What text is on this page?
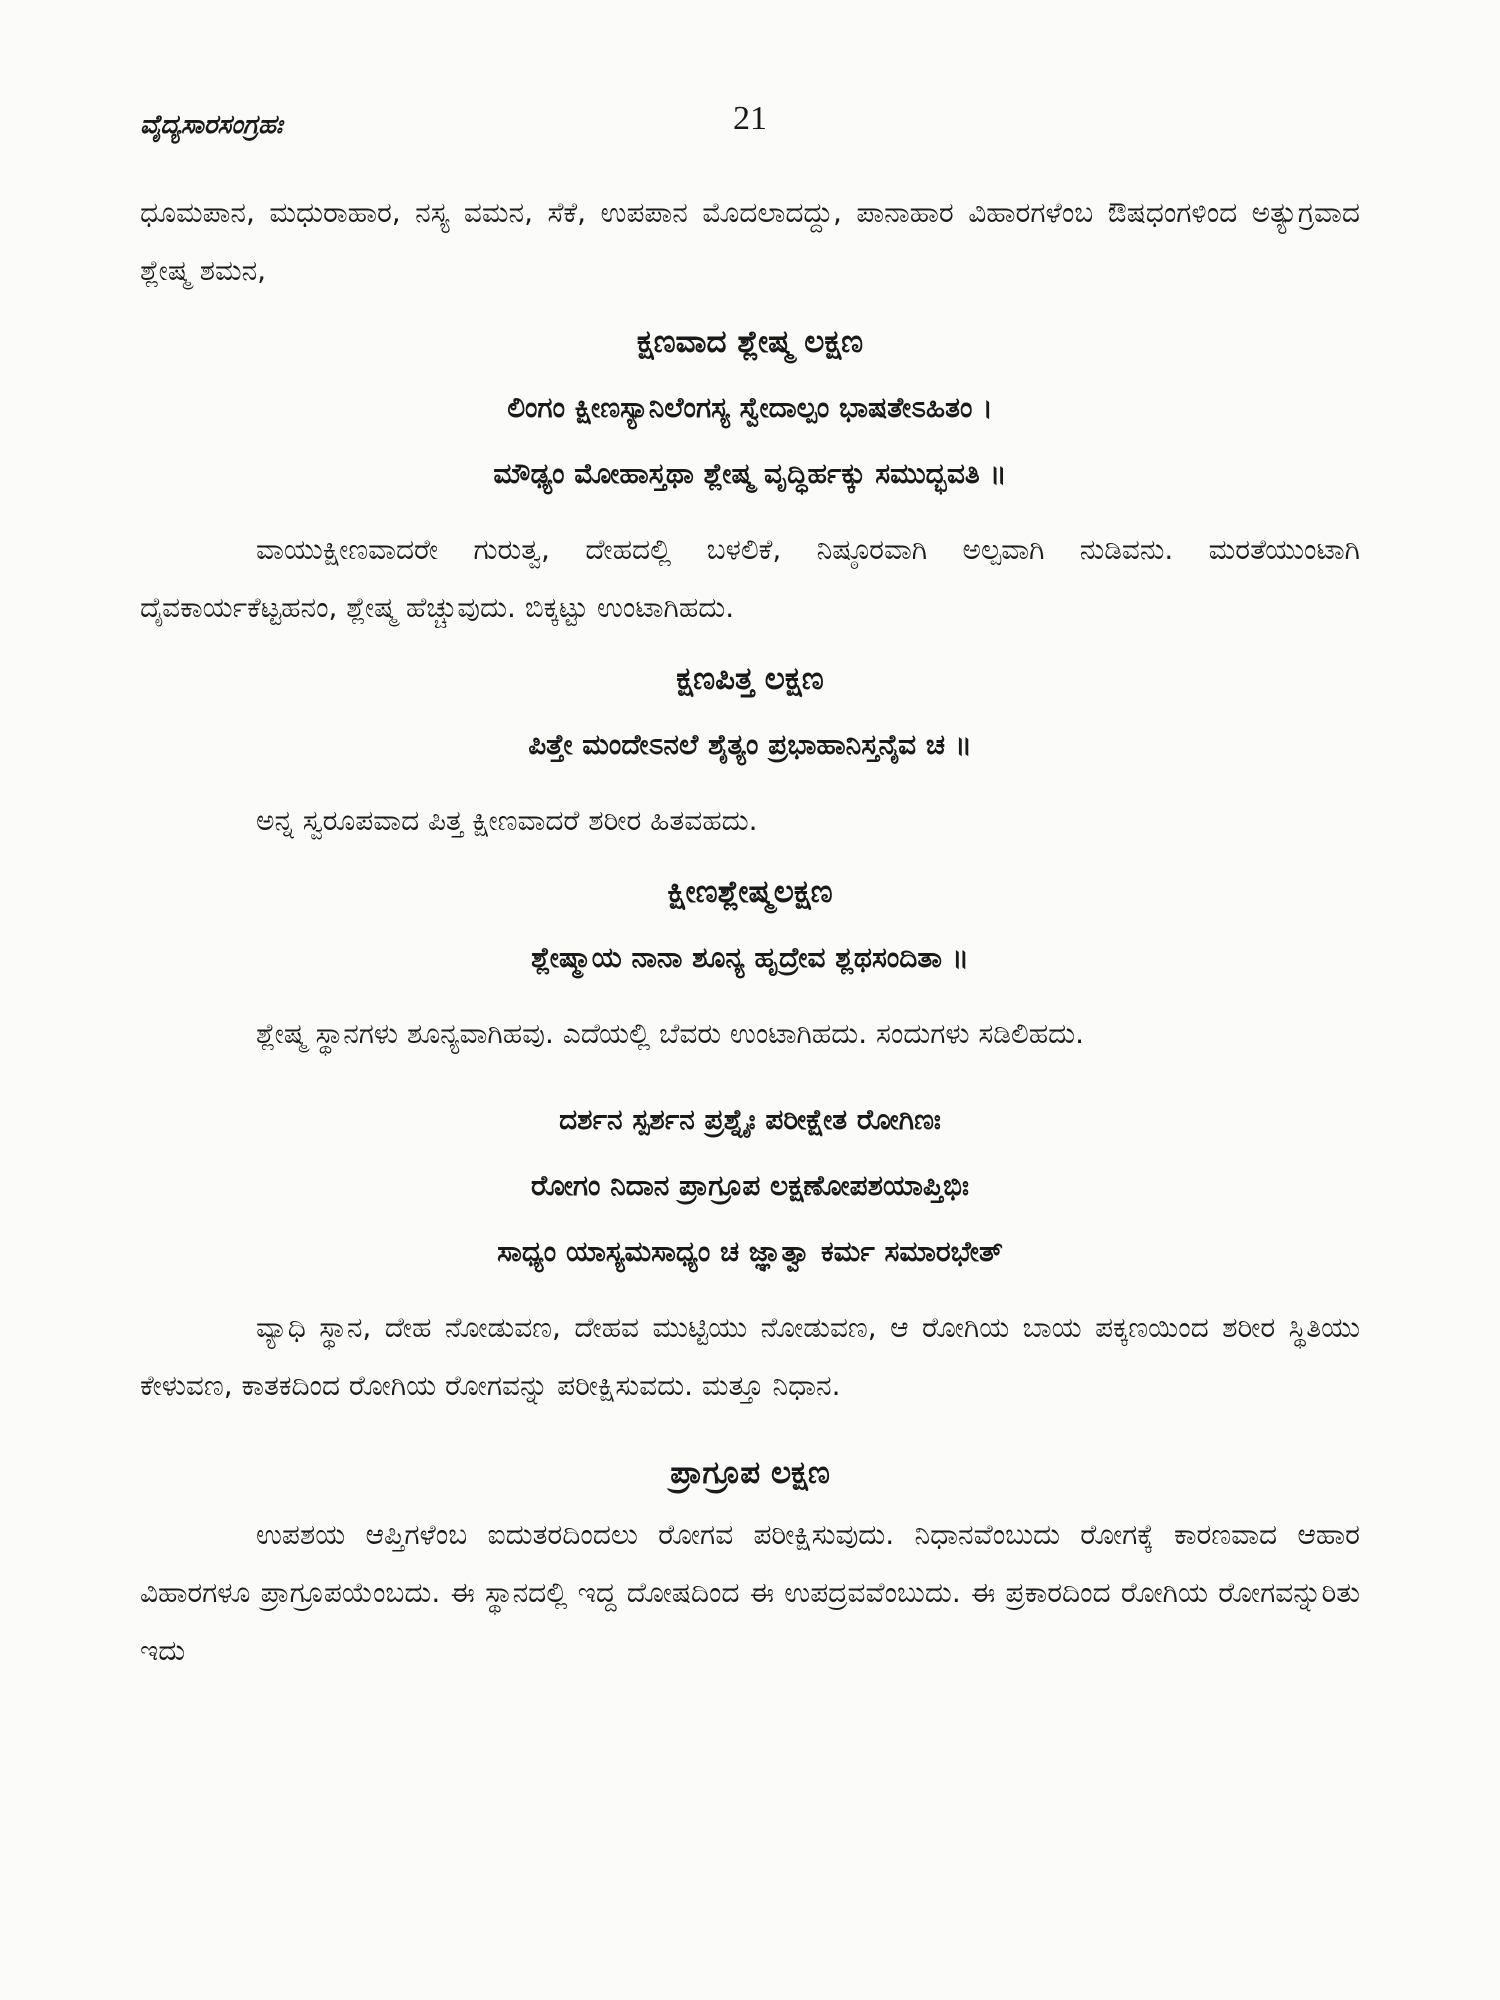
ವೈದ್ಯಸಾರಸಂಗ್ರಹಃ	21

ಧೂಮಪಾನ, ಮಧುರಾಹಾರ, ನಸ್ಯ ವಮನ, ಸೆಕೆ, ಉಪಪಾನ ಮೊದಲಾದದ್ದು, ಪಾನಾಹಾರ ವಿಹಾರಗಳೆಂಬ ಔಷಧಂಗಳಿಂದ ಅತ್ಯುಗ್ರವಾದ ಶ್ಲೇಷ್ಮ ಶಮನ,

ಕ್ಷಣವಾದ ಶ್ಲೇಷ್ಮ ಲಕ್ಷಣ

ಲಿಂಗಂ ಕ್ಷೀಣಸ್ಯಾನಿಲೆಂಗಸ್ಯ ಸ್ವೇದಾಲ್ಪಂ ಭಾಷತೇಽಹಿತಂ ।

ಮೌಢ್ಯಂ ಮೋಹಾಸ್ತಥಾ ಶ್ಲೇಷ್ಮ ವೃದ್ಧಿರ್ಹಕ್ಕು ಸಮುದ್ಭವತಿ ॥

ವಾಯುಕ್ಷೀಣವಾದರೇ ಗುರುತ್ವ, ದೇಹದಲ್ಲಿ ಬಳಲಿಕೆ, ನಿಷ್ಠೂರವಾಗಿ ಅಲ್ಪವಾಗಿ ನುಡಿವನು. ಮರತೆಯುಂಟಾಗಿ ದೈವಕಾರ್ಯಕೆಟ್ಟಹನಂ, ಶ್ಲೇಷ್ಮ ಹೆಚ್ಚುವುದು. ಬಿಕ್ಕಟ್ಟು ಉಂಟಾಗಿಹದು.

ಕ್ಷಣಪಿತ್ತ ಲಕ್ಷಣ

ಪಿತ್ತೇ ಮಂದೇಽನಲೆ ಶೈತ್ಯಂ ಪ್ರಭಾಹಾನಿಸ್ತನೈವ ಚ ॥

ಅನ್ನ ಸ್ವರೂಪವಾದ ಪಿತ್ತ ಕ್ಷೀಣವಾದರೆ ಶರೀರ ಹಿತವಹದು.

ಕ್ಷೀಣಶ್ಲೇಷ್ಮಲಕ್ಷಣ

ಶ್ಲೇಷ್ಮಾಯ ನಾನಾ ಶೂನ್ಯ ಹೃದ್ರೇವ ಶ್ಲಥಸಂದಿತಾ ॥

ಶ್ಲೇಷ್ಮ ಸ್ಥಾನಗಳು ಶೂನ್ಯವಾಗಿಹವು. ಎದೆಯಲ್ಲಿ ಬೆವರು ಉಂಟಾಗಿಹದು. ಸಂದುಗಳು ಸಡಿಲಿಹದು.

ದರ್ಶನ ಸ್ಪರ್ಶನ ಪ್ರಶ್ನೈಃ ಪರೀಕ್ಷೇತ ರೋಗಿಣಃ

ರೋಗಂ ನಿದಾನ ಪ್ರಾಗ್ರೂಪ ಲಕ್ಷಣೋಪಶಯಾಪ್ತಿಭಿಃ

ಸಾಧ್ಯಂ ಯಾಸ್ಯಮಸಾಧ್ಯಂ ಚ ಜ್ಞಾತ್ವಾ ಕರ್ಮ ಸಮಾರಭೇತ್

ವ್ಯಾಧಿ ಸ್ಥಾನ, ದೇಹ ನೋಡುವಣ, ದೇಹವ ಮುಟ್ಟಿಯು ನೋಡುವಣ, ಆ ರೋಗಿಯ ಬಾಯ ಪಕ್ಕಣಯಿಂದ ಶರೀರ ಸ್ಥಿತಿಯು ಕೇಳುವಣ, ಕಾತಕದಿಂದ ರೋಗಿಯ ರೋಗವನ್ನು ಪರೀಕ್ಷಿಸುವದು. ಮತ್ತೂ ನಿಧಾನ.

ಪ್ರಾಗ್ರೂಪ ಲಕ್ಷಣ

ಉಪಶಯ ಆಪ್ತಿಗಳೆಂಬ ಐದುತರದಿಂದಲು ರೋಗವ ಪರೀಕ್ಷಿಸುವುದು. ನಿಧಾನವೆಂಬುದು ರೋಗಕ್ಕೆ ಕಾರಣವಾದ ಆಹಾರ ವಿಹಾರಗಳೂ ಪ್ರಾಗ್ರೂಪಯೆಂಬದು. ಈ ಸ್ಥಾನದಲ್ಲಿ ಇದ್ದ ದೋಷದಿಂದ ಈ ಉಪದ್ರವವೆಂಬುದು. ಈ ಪ್ರಕಾರದಿಂದ ರೋಗಿಯ ರೋಗವನ್ನುರಿತು ಇದು
